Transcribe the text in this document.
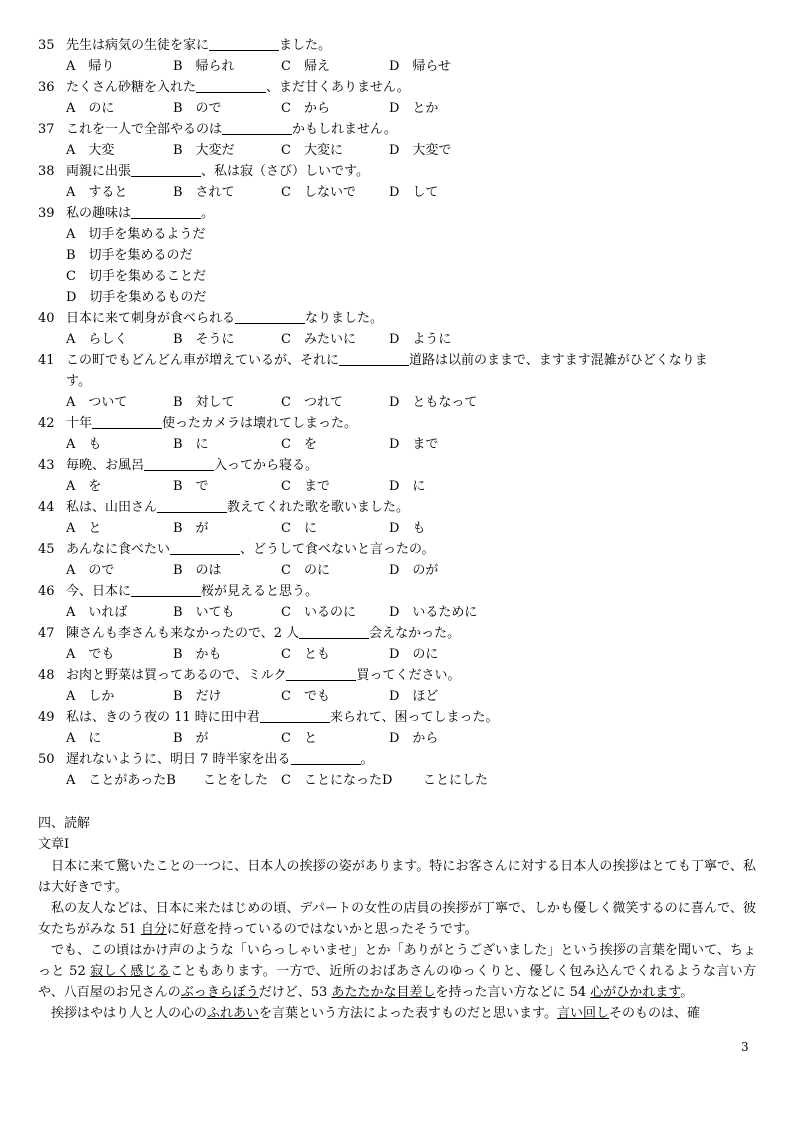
35 先生は病気の生徒を家に	ました。
A　帰り	B　帰られ	C　帰え	D　帰らせ
36 たくさん砂糖を入れた	、まだ甘くありません。
A　のに	B　ので	C　から	D　とか
37 これを一人で全部やるのは	かもしれません。
A　大変	B　大変だ	C　大変に	D　大変で
38 両親に出張	、私は寂（さび）しいです。
A　すると	B　されて	C　しないで	D　して
39 私の趣味は	。
A　切手を集めるようだ
B　切手を集めるのだ
C　切手を集めることだ
D　切手を集めるものだ
40 日本に来て刺身が食べられる	なりました。
A　らしく	B　そうに	C　みたいに	D　ように
41 この町でもどんどん車が増えているが、それに	道路は以前のままで、ますます混雑がひどくなりま
す。
A　ついて	B　対して	C　つれて	D　ともなって
42 十年	使ったカメラは壊れてしまった。
A　も	B　に	C　を	D　まで
43 毎晩、お風呂	入ってから寝る。
A　を	B　で	C　まで	D　に
44 私は、山田さん	教えてくれた歌を歌いました。
A　と	B　が	C　に	D　も
45 あんなに食べたい	、どうして食べないと言ったの。
A　ので	B　のは	C　のに	D　のが
46 今、日本に	桜が見えると思う。
A　いれば	B　いても	C　いるのに	D　いるために
47 陳さんも李さんも来なかったので、2 人	会えなかった。
A　でも	B　かも	C　とも	D　のに
48 お肉と野菜は買ってあるので、ミルク	買ってください。
A　しか	B　だけ	C　でも	D　ほど
49 私は、きのう夜の 11 時に田中君	来られて、困ってしまった。
A　に	B　が	C　と	D　から
50 遅れないように、明日 7 時半家を出る	。
A　ことがあったB ことをした C　ことになったD ことにした
四、読解
文章Ⅰ
日本に来て驚いたことの一つに、日本人の挨拶の姿があります。特にお客さんに対する日本人の挨拶はとても丁寧で、私は大好きです。
私の友人などは、日本に来たはじめの頃、デパートの女性の店員の挨拶が丁寧で、しかも優しく微笑するのに喜んで、彼女たちがみな 51 自分に好意を持っているのではないかと思ったそうです。
でも、この頃はかけ声のような「いらっしゃいませ」とか「ありがとうございました」という挨拶の言葉を聞いて、ちょっと 52 寂しく感じることもあります。一方で、近所のおばあさんのゆっくりと、優しく包み込んでくれるような言い方や、八百屋のお兄さんのぶっきらぼうだけど、53 あたたかな目差しを持った言い方などに 54 心がひかれます。
挨拶はやはり人と人の心のふれあいを言葉という方法によった表すものだと思います。言い回しそのものは、確
3
